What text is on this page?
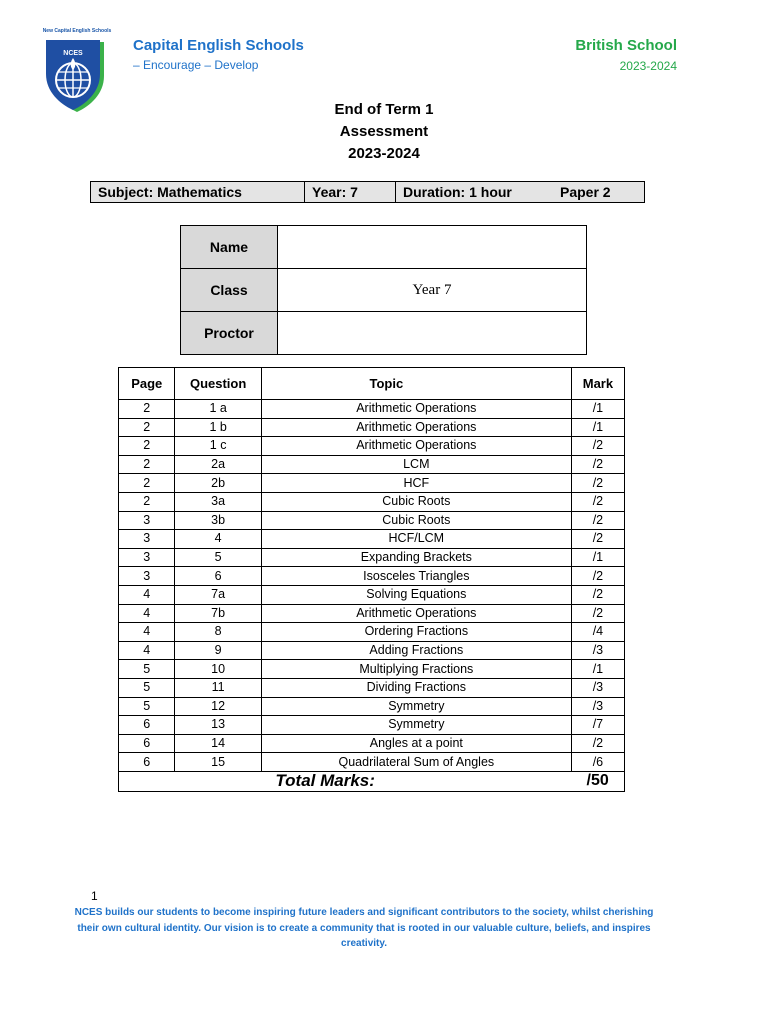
New Capital English Schools
NCES	Capital English Schools
– Encourage – Develop
British School
2023-2024
End of Term 1
Assessment
2023-2024
Subject: Mathematics	Year: 7	Duration: 1 hour	Paper 2
Name	
Class	Year 7
Proctor	
Page	Question	Topic	Mark
2	1 a	Arithmetic Operations	/1
2	1 b	Arithmetic Operations	/1
2	1 c	Arithmetic Operations	/2
2	2a	LCM	/2
2	2b	HCF	/2
2	3a	Cubic Roots	/2
3	3b	Cubic Roots	/2
3	4	HCF/LCM	/2
3	5	Expanding Brackets	/1
3	6	Isosceles Triangles	/2
4	7a	Solving Equations	/2
4	7b	Arithmetic Operations	/2
4	8	Ordering Fractions	/4
4	9	Adding Fractions	/3
5	10	Multiplying Fractions	/1
5	11	Dividing Fractions	/3
5	12	Symmetry	/3
6	13	Symmetry	/7
6	14	Angles at a point	/2
6	15	Quadrilateral Sum of Angles	/6
Total Marks:			/50
1
NCES builds our students to become inspiring future leaders and significant contributors to the society, whilst cherishing their own cultural identity. Our vision is to create a community that is rooted in our valuable culture, beliefs, and inspires creativity.
